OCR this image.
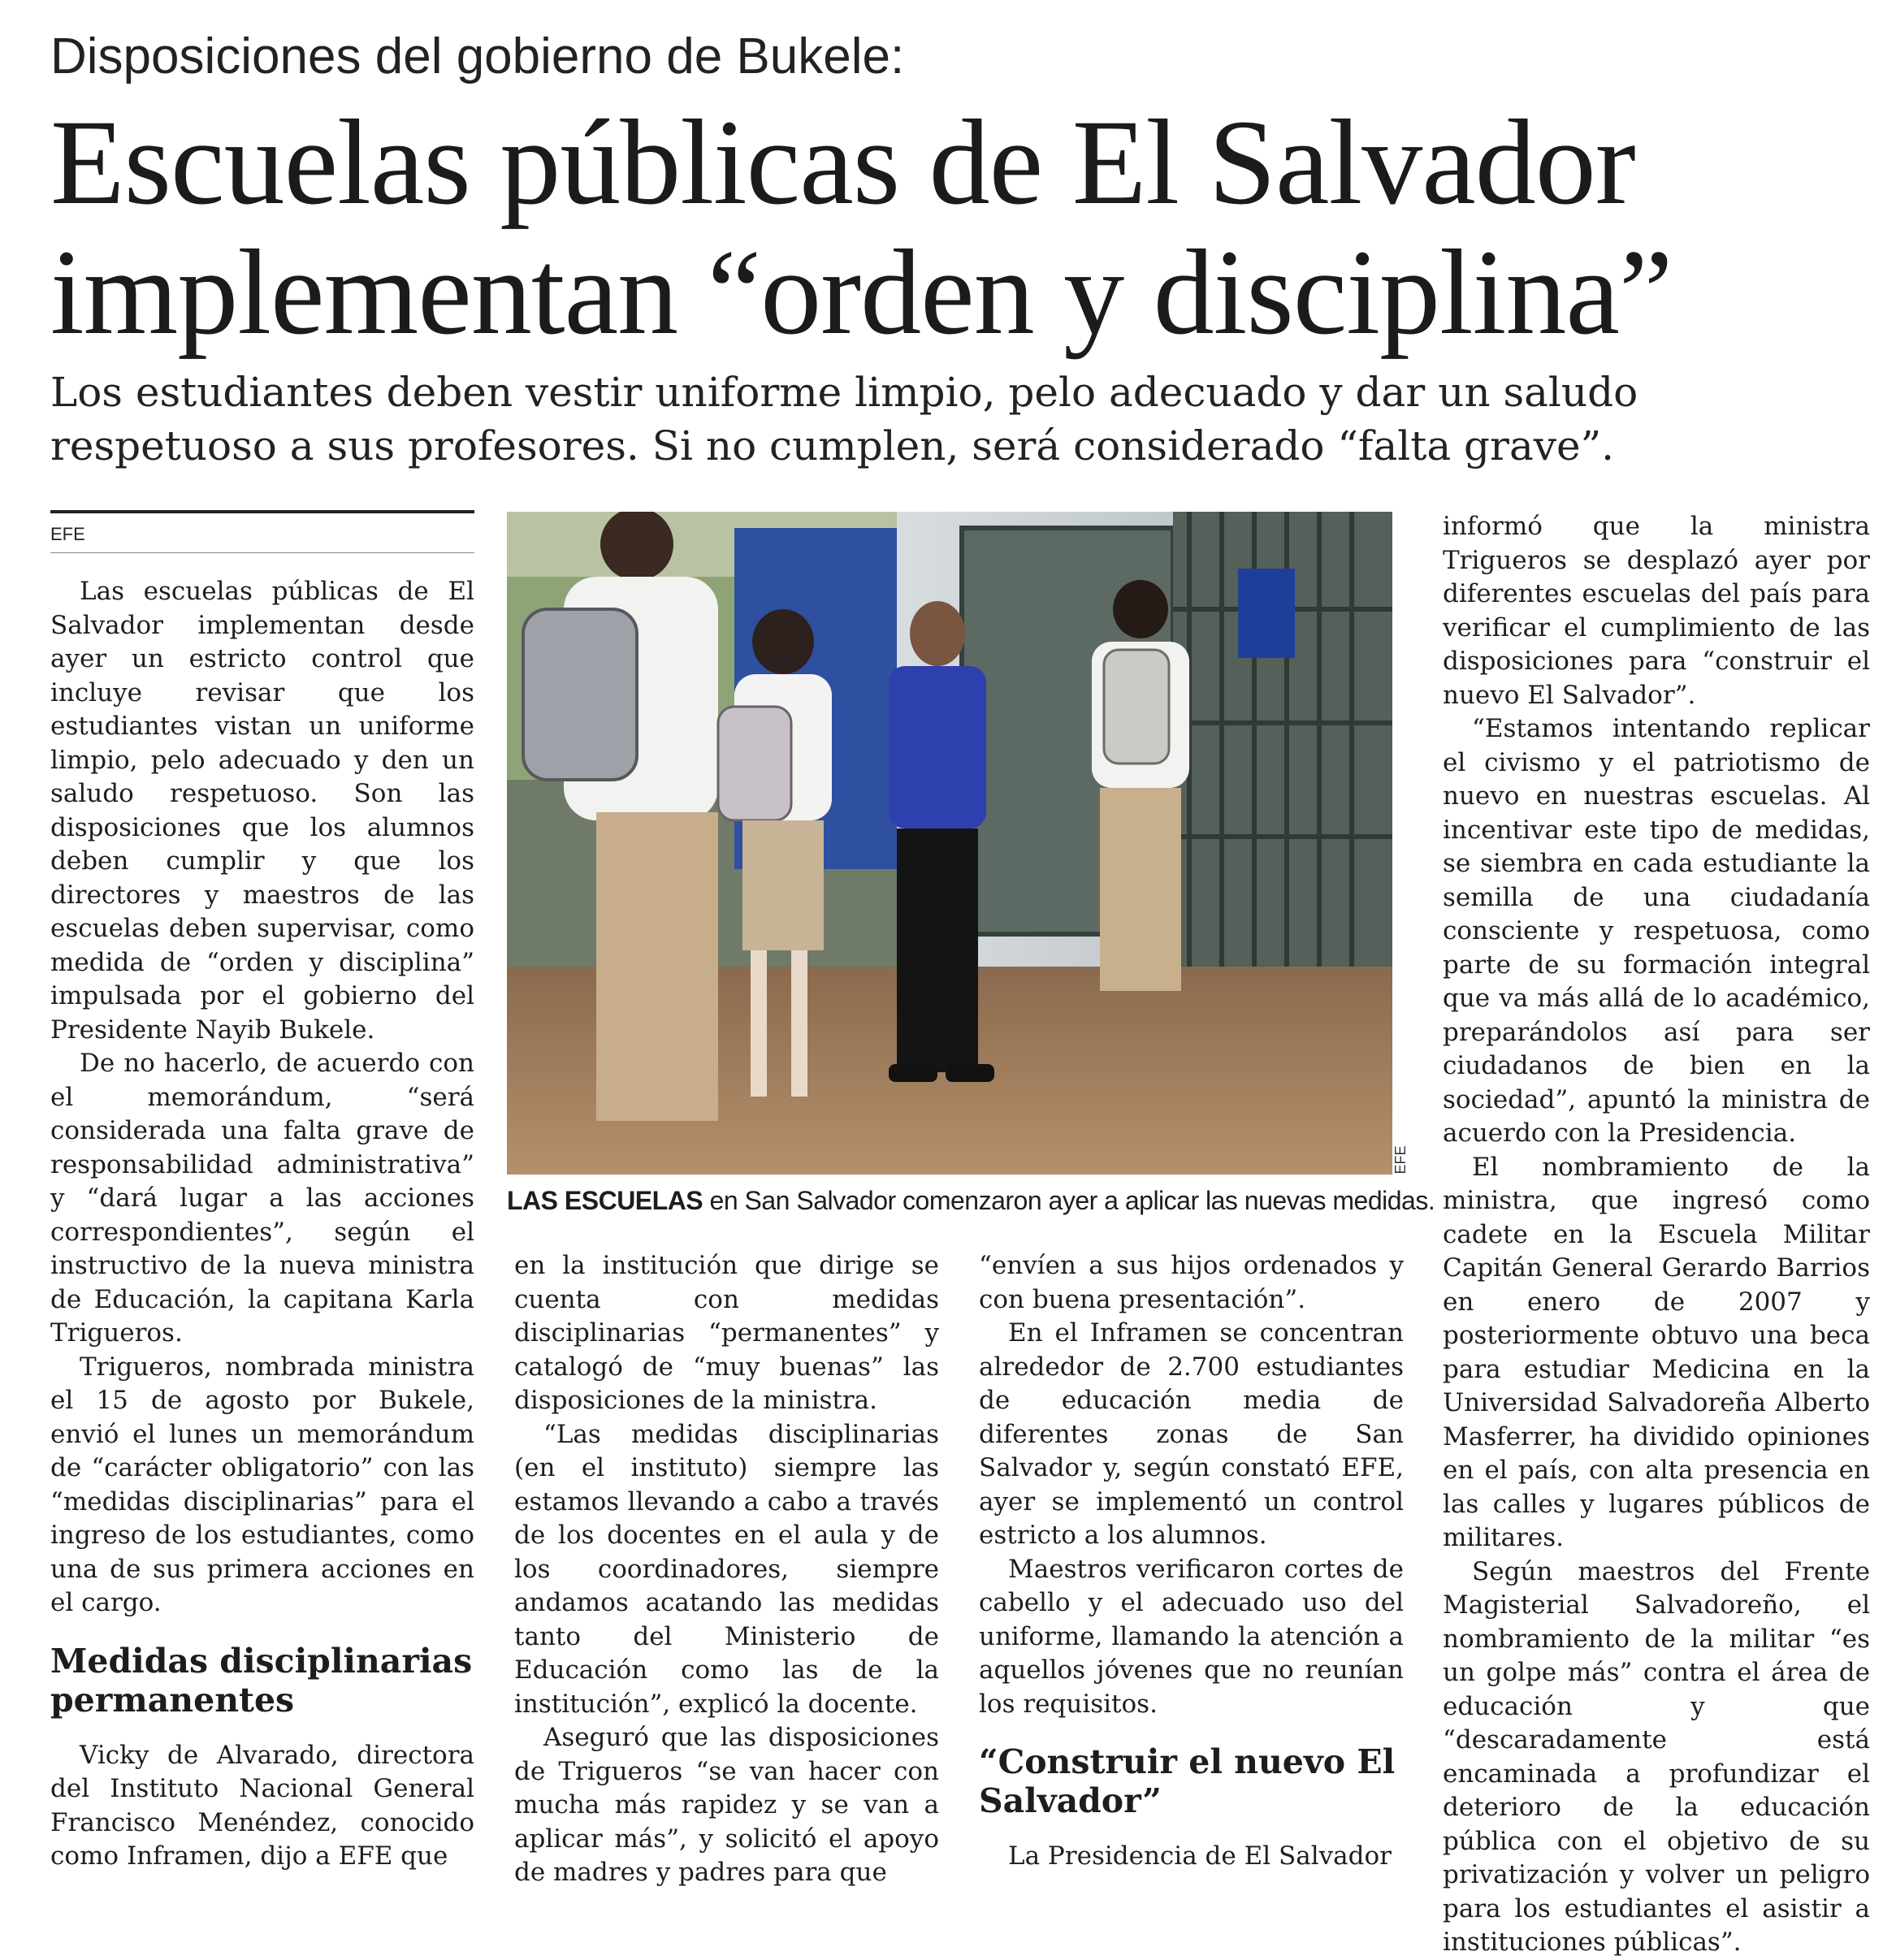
Disposiciones del gobierno de Bukele:
Escuelas públicas de El Salvador
implementan “orden y disciplina”
Los estudiantes deben vestir uniforme limpio, pelo adecuado y dar un saludo
respetuoso a sus profesores. Si no cumplen, será considerado “falta grave”.
EFE

Las escuelas públicas de El Salvador implementan desde ayer un estricto control que incluye revisar que los estudiantes vistan un uniforme limpio, pelo adecuado y den un saludo respetuoso. Son las disposiciones que los alumnos deben cumplir y que los directores y maestros de las escuelas deben supervisar, como medida de “orden y disciplina” impulsada por el gobierno del Presidente Nayib Bukele.

De no hacerlo, de acuerdo con el memorándum, “será considerada una falta grave de responsabilidad administrativa” y “dará lugar a las acciones correspondientes”, según el instructivo de la nueva ministra de Educación, la capitana Karla Trigueros.

Trigueros, nombrada ministra el 15 de agosto por Bukele, envió el lunes un memorándum de “carácter obligatorio” con las “medidas disciplinarias” para el ingreso de los estudiantes, como una de sus primera acciones en el cargo.

Medidas disciplinarias permanentes

Vicky de Alvarado, directora del Instituto Nacional General Francisco Menéndez, conocido como Inframen, dijo a EFE que

EFE
LAS ESCUELAS en San Salvador comenzaron ayer a aplicar las nuevas medidas.

en la institución que dirige se cuenta con medidas disciplinarias “permanentes” y catalogó de “muy buenas” las disposiciones de la ministra.

“Las medidas disciplinarias (en el instituto) siempre las estamos llevando a cabo a través de los docentes en el aula y de los coordinadores, siempre andamos acatando las medidas tanto del Ministerio de Educación como las de la institución”, explicó la docente.

Aseguró que las disposiciones de Trigueros “se van hacer con mucha más rapidez y se van a aplicar más”, y solicitó el apoyo de madres y padres para que

“envíen a sus hijos ordenados y con buena presentación”.

En el Inframen se concentran alrededor de 2.700 estudiantes de educación media de diferentes zonas de San Salvador y, según constató EFE, ayer se implementó un control estricto a los alumnos.

Maestros verificaron cortes de cabello y el adecuado uso del uniforme, llamando la atención a aquellos jóvenes que no reunían los requisitos.

“Construir el nuevo El Salvador”

La Presidencia de El Salvador

informó que la ministra Trigueros se desplazó ayer por diferentes escuelas del país para verificar el cumplimiento de las disposiciones para “construir el nuevo El Salvador”.

“Estamos intentando replicar el civismo y el patriotismo de nuevo en nuestras escuelas. Al incentivar este tipo de medidas, se siembra en cada estudiante la semilla de una ciudadanía consciente y respetuosa, como parte de su formación integral que va más allá de lo académico, preparándolos así para ser ciudadanos de bien en la sociedad”, apuntó la ministra de acuerdo con la Presidencia.

El nombramiento de la ministra, que ingresó como cadete en la Escuela Militar Capitán General Gerardo Barrios en enero de 2007 y posteriormente obtuvo una beca para estudiar Medicina en la Universidad Salvadoreña Alberto Masferrer, ha dividido opiniones en el país, con alta presencia en las calles y lugares públicos de militares.

Según maestros del Frente Magisterial Salvadoreño, el nombramiento de la militar “es un golpe más” contra el área de educación y que “descaradamente está encaminada a profundizar el deterioro de la educación pública con el objetivo de su privatización y volver un peligro para los estudiantes el asistir a instituciones públicas”.
